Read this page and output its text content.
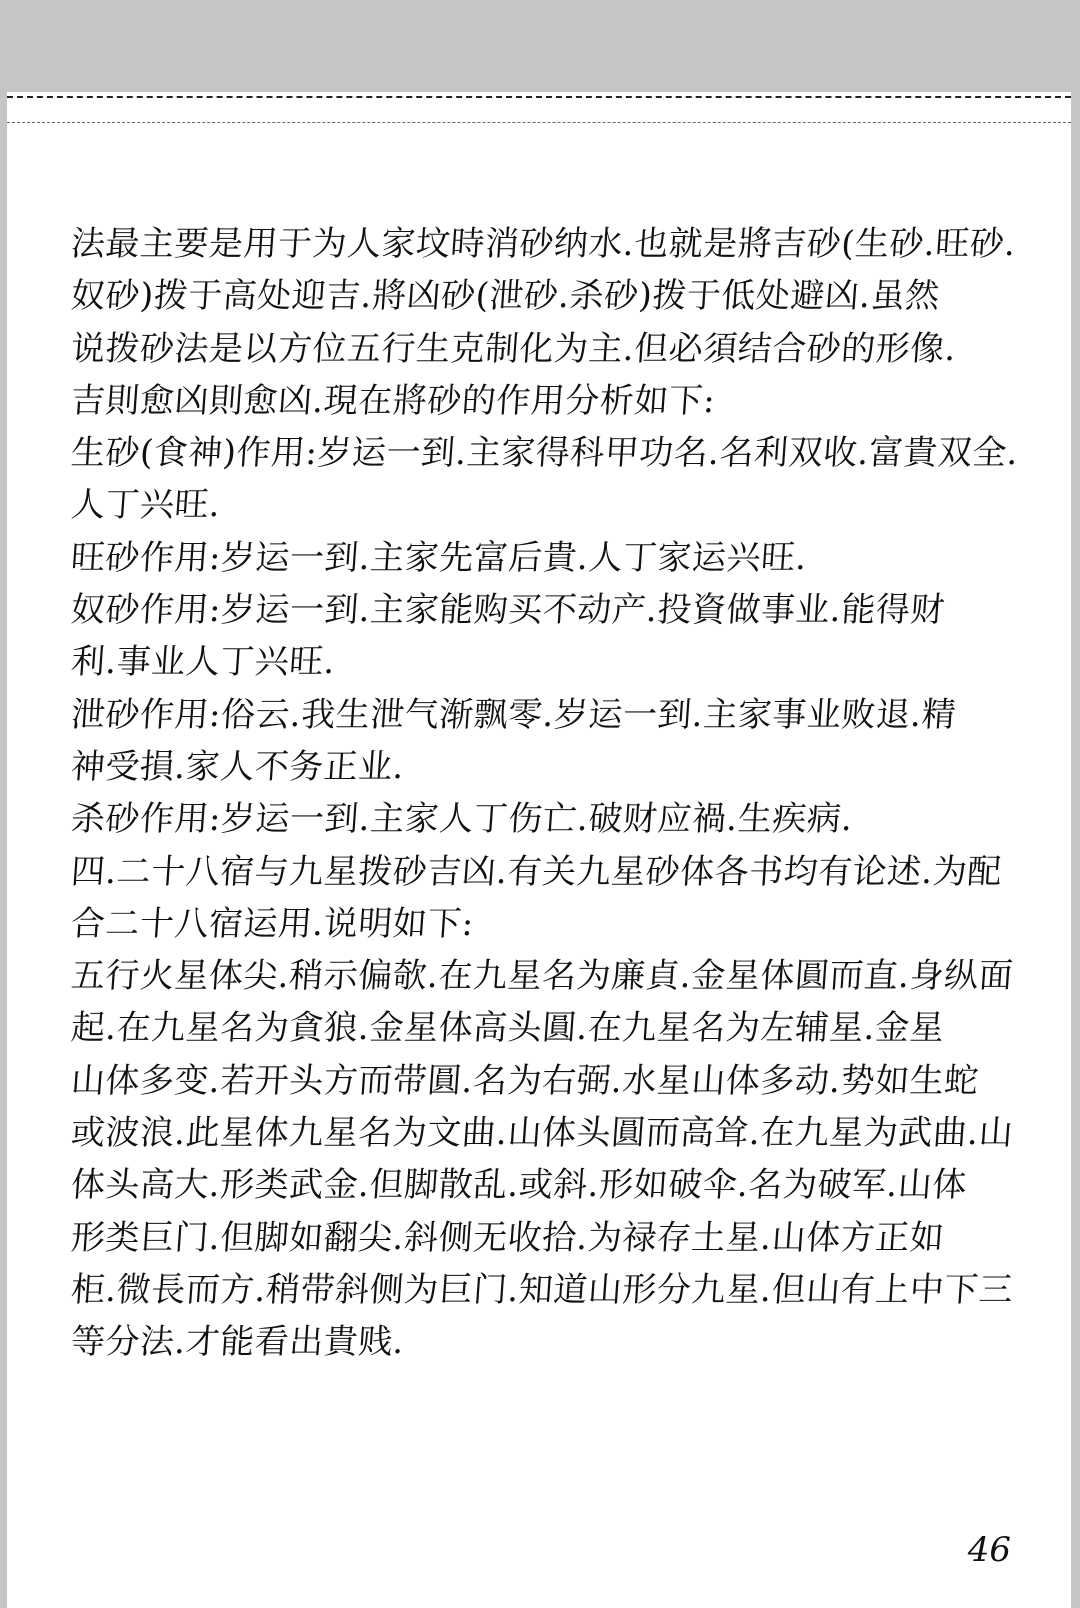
法最主要是用于为人家坟時消砂纳水.也就是將吉砂(生砂.旺砂.
奴砂)拨于高处迎吉.將凶砂(泄砂.杀砂)拨于低处避凶.虽然
说拨砂法是以方位五行生克制化为主.但必須结合砂的形像.
吉則愈凶則愈凶.現在將砂的作用分析如下:
生砂(食神)作用:岁运一到.主家得科甲功名.名利双收.富貴双全.
人丁兴旺.
旺砂作用:岁运一到.主家先富后貴.人丁家运兴旺.
奴砂作用:岁运一到.主家能购买不动产.投資做事业.能得财
利.事业人丁兴旺.
泄砂作用:俗云.我生泄气渐飘零.岁运一到.主家事业败退.精
神受損.家人不务正业.
杀砂作用:岁运一到.主家人丁伤亡.破财应禍.生疾病.
四.二十八宿与九星拨砂吉凶.有关九星砂体各书均有论述.为配
合二十八宿运用.说明如下:
五行火星体尖.稍示偏欹.在九星名为廉貞.金星体圓而直.身纵面
起.在九星名为貪狼.金星体高头圓.在九星名为左辅星.金星
山体多变.若开头方而带圓.名为右弼.水星山体多动.势如生蛇
或波浪.此星体九星名为文曲.山体头圓而高耸.在九星为武曲.山
体头高大.形类武金.但脚散乱.或斜.形如破伞.名为破军.山体
形类巨门.但脚如翻尖.斜侧无收拾.为禄存土星.山体方正如
柜.微長而方.稍带斜侧为巨门.知道山形分九星.但山有上中下三
等分法.才能看出貴贱.
46
